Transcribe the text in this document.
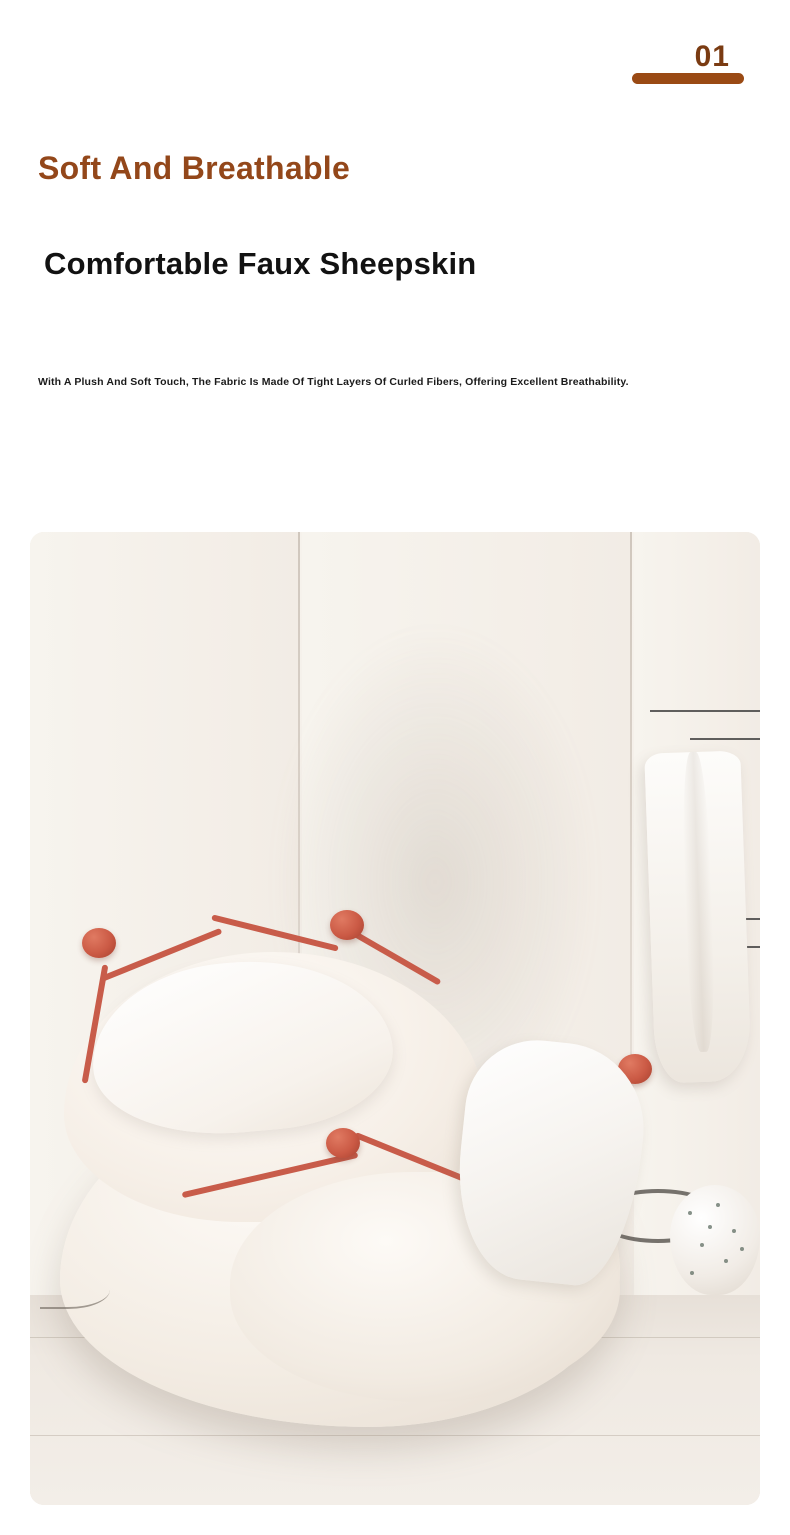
01
Soft And Breathable
Comfortable Faux Sheepskin
With A Plush And Soft Touch, The Fabric Is Made Of Tight Layers Of Curled Fibers, Offering Excellent Breathability.
